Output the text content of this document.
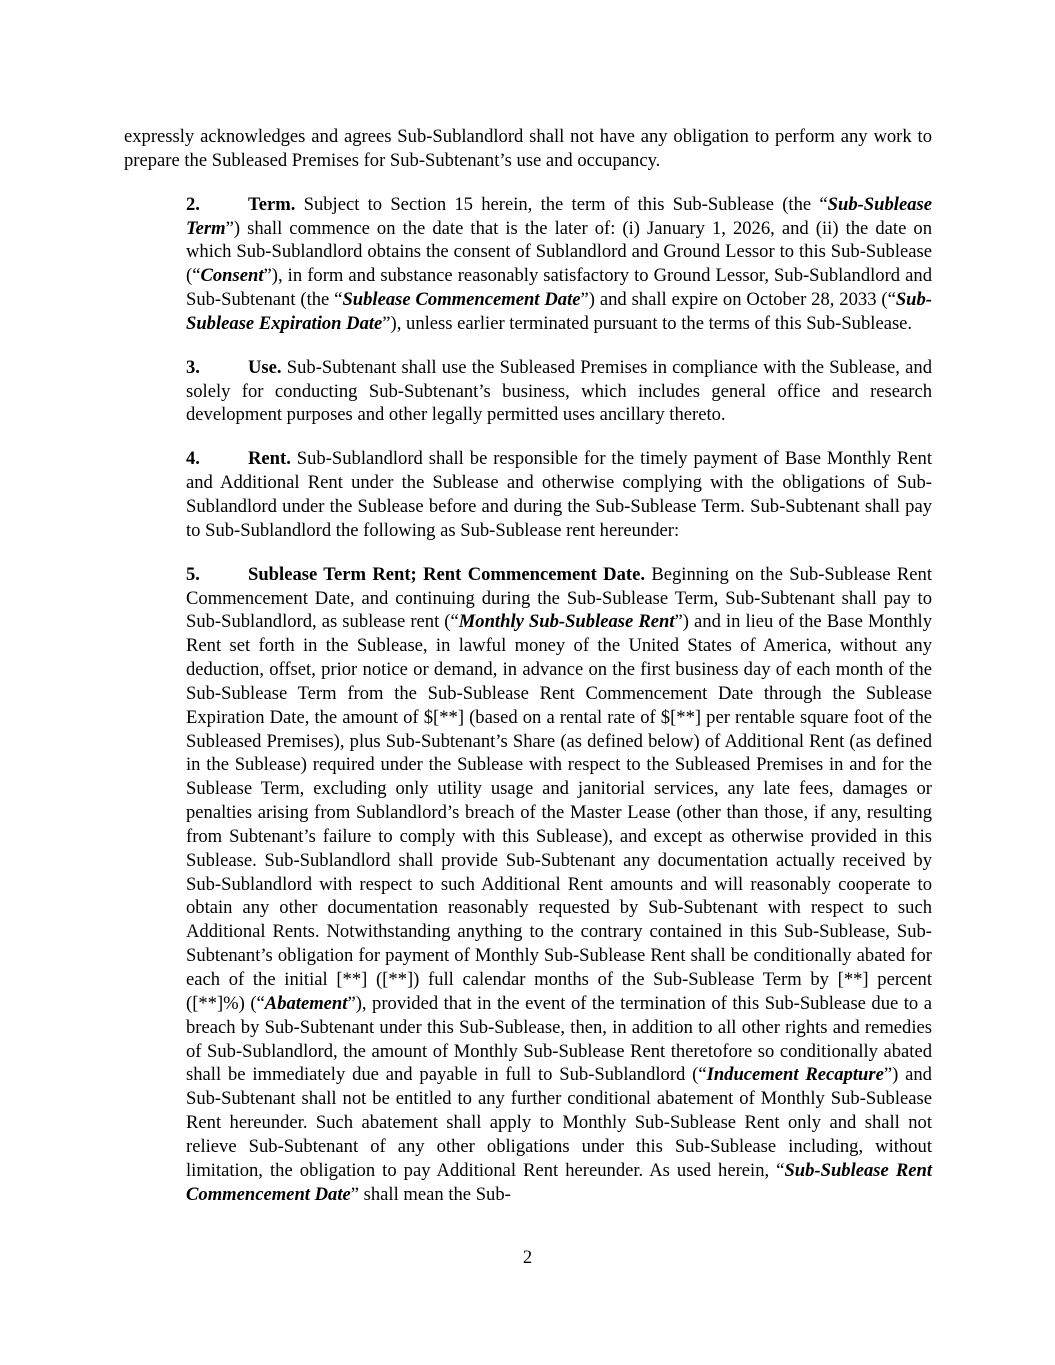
expressly acknowledges and agrees Sub-Sublandlord shall not have any obligation to perform any work to prepare the Subleased Premises for Sub-Subtenant’s use and occupancy.

2.	Term. Subject to Section 15 herein, the term of this Sub-Sublease (the “Sub-Sublease Term”) shall commence on the date that is the later of: (i) January 1, 2026, and (ii) the date on which Sub-Sublandlord obtains the consent of Sublandlord and Ground Lessor to this Sub-Sublease (“Consent”), in form and substance reasonably satisfactory to Ground Lessor, Sub-Sublandlord and Sub-Subtenant (the “Sublease Commencement Date”) and shall expire on October 28, 2033 (“Sub-Sublease Expiration Date”), unless earlier terminated pursuant to the terms of this Sub-Sublease.

3.	Use. Sub-Subtenant shall use the Subleased Premises in compliance with the Sublease, and solely for conducting Sub-Subtenant’s business, which includes general office and research development purposes and other legally permitted uses ancillary thereto.

4.	Rent. Sub-Sublandlord shall be responsible for the timely payment of Base Monthly Rent and Additional Rent under the Sublease and otherwise complying with the obligations of Sub-Sublandlord under the Sublease before and during the Sub-Sublease Term. Sub-Subtenant shall pay to Sub-Sublandlord the following as Sub-Sublease rent hereunder:

5.	Sublease Term Rent; Rent Commencement Date. Beginning on the Sub-Sublease Rent Commencement Date, and continuing during the Sub-Sublease Term, Sub-Subtenant shall pay to Sub-Sublandlord, as sublease rent (“Monthly Sub-Sublease Rent”) and in lieu of the Base Monthly Rent set forth in the Sublease, in lawful money of the United States of America, without any deduction, offset, prior notice or demand, in advance on the first business day of each month of the Sub-Sublease Term from the Sub-Sublease Rent Commencement Date through the Sublease Expiration Date, the amount of $[**] (based on a rental rate of $[**] per rentable square foot of the Subleased Premises), plus Sub-Subtenant’s Share (as defined below) of Additional Rent (as defined in the Sublease) required under the Sublease with respect to the Subleased Premises in and for the Sublease Term, excluding only utility usage and janitorial services, any late fees, damages or penalties arising from Sublandlord’s breach of the Master Lease (other than those, if any, resulting from Subtenant’s failure to comply with this Sublease), and except as otherwise provided in this Sublease. Sub-Sublandlord shall provide Sub-Subtenant any documentation actually received by Sub-Sublandlord with respect to such Additional Rent amounts and will reasonably cooperate to obtain any other documentation reasonably requested by Sub-Subtenant with respect to such Additional Rents. Notwithstanding anything to the contrary contained in this Sub-Sublease, Sub-Subtenant’s obligation for payment of Monthly Sub-Sublease Rent shall be conditionally abated for each of the initial [**] ([**]) full calendar months of the Sub-Sublease Term by [**] percent ([**]%) (“Abatement”), provided that in the event of the termination of this Sub-Sublease due to a breach by Sub-Subtenant under this Sub-Sublease, then, in addition to all other rights and remedies of Sub-Sublandlord, the amount of Monthly Sub-Sublease Rent theretofore so conditionally abated shall be immediately due and payable in full to Sub-Sublandlord (“Inducement Recapture”) and Sub-Subtenant shall not be entitled to any further conditional abatement of Monthly Sub-Sublease Rent hereunder. Such abatement shall apply to Monthly Sub-Sublease Rent only and shall not relieve Sub-Subtenant of any other obligations under this Sub-Sublease including, without limitation, the obligation to pay Additional Rent hereunder. As used herein, “Sub-Sublease Rent Commencement Date” shall mean the Sub-

2
